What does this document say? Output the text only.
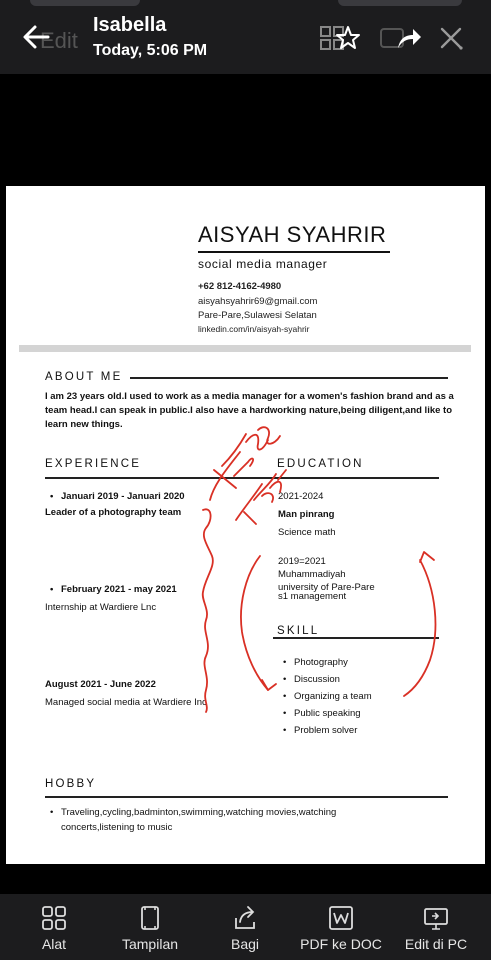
Edit
Isabella
Today, 5:06 PM
AISYAH SYAHRIR
social media manager
+62 812-4162-4980
aisyahsyahrir69@gmail.com
Pare-Pare,Sulawesi Selatan
linkedin.com/in/aisyah-syahrir
ABOUT ME
I am 23 years old.I used to work as a media manager for a women's fashion brand and as a team head.I can speak in public.I also have a hardworking nature,being diligent,and like to learn new things.
EXPERIENCE
• Januari 2019 - Januari 2020
Leader of a photography team
• February 2021 - may 2021
Internship at Wardiere Lnc
August 2021 - June 2022
Managed social media at Wardiere Inc
EDUCATION
2021-2024
Man pinrang
Science math
2019=2021
Muhammadiyah
university of Pare-Pare
s1 management
SKILL
• Photography
• Discussion
• Organizing a team
• Public speaking
• Problem solver
HOBBY
• Traveling,cycling,badminton,swimming,watching movies,watching
concerts,listening to music
Alat	Tampilan	Bagi	PDF ke DOC	Edit di PC
